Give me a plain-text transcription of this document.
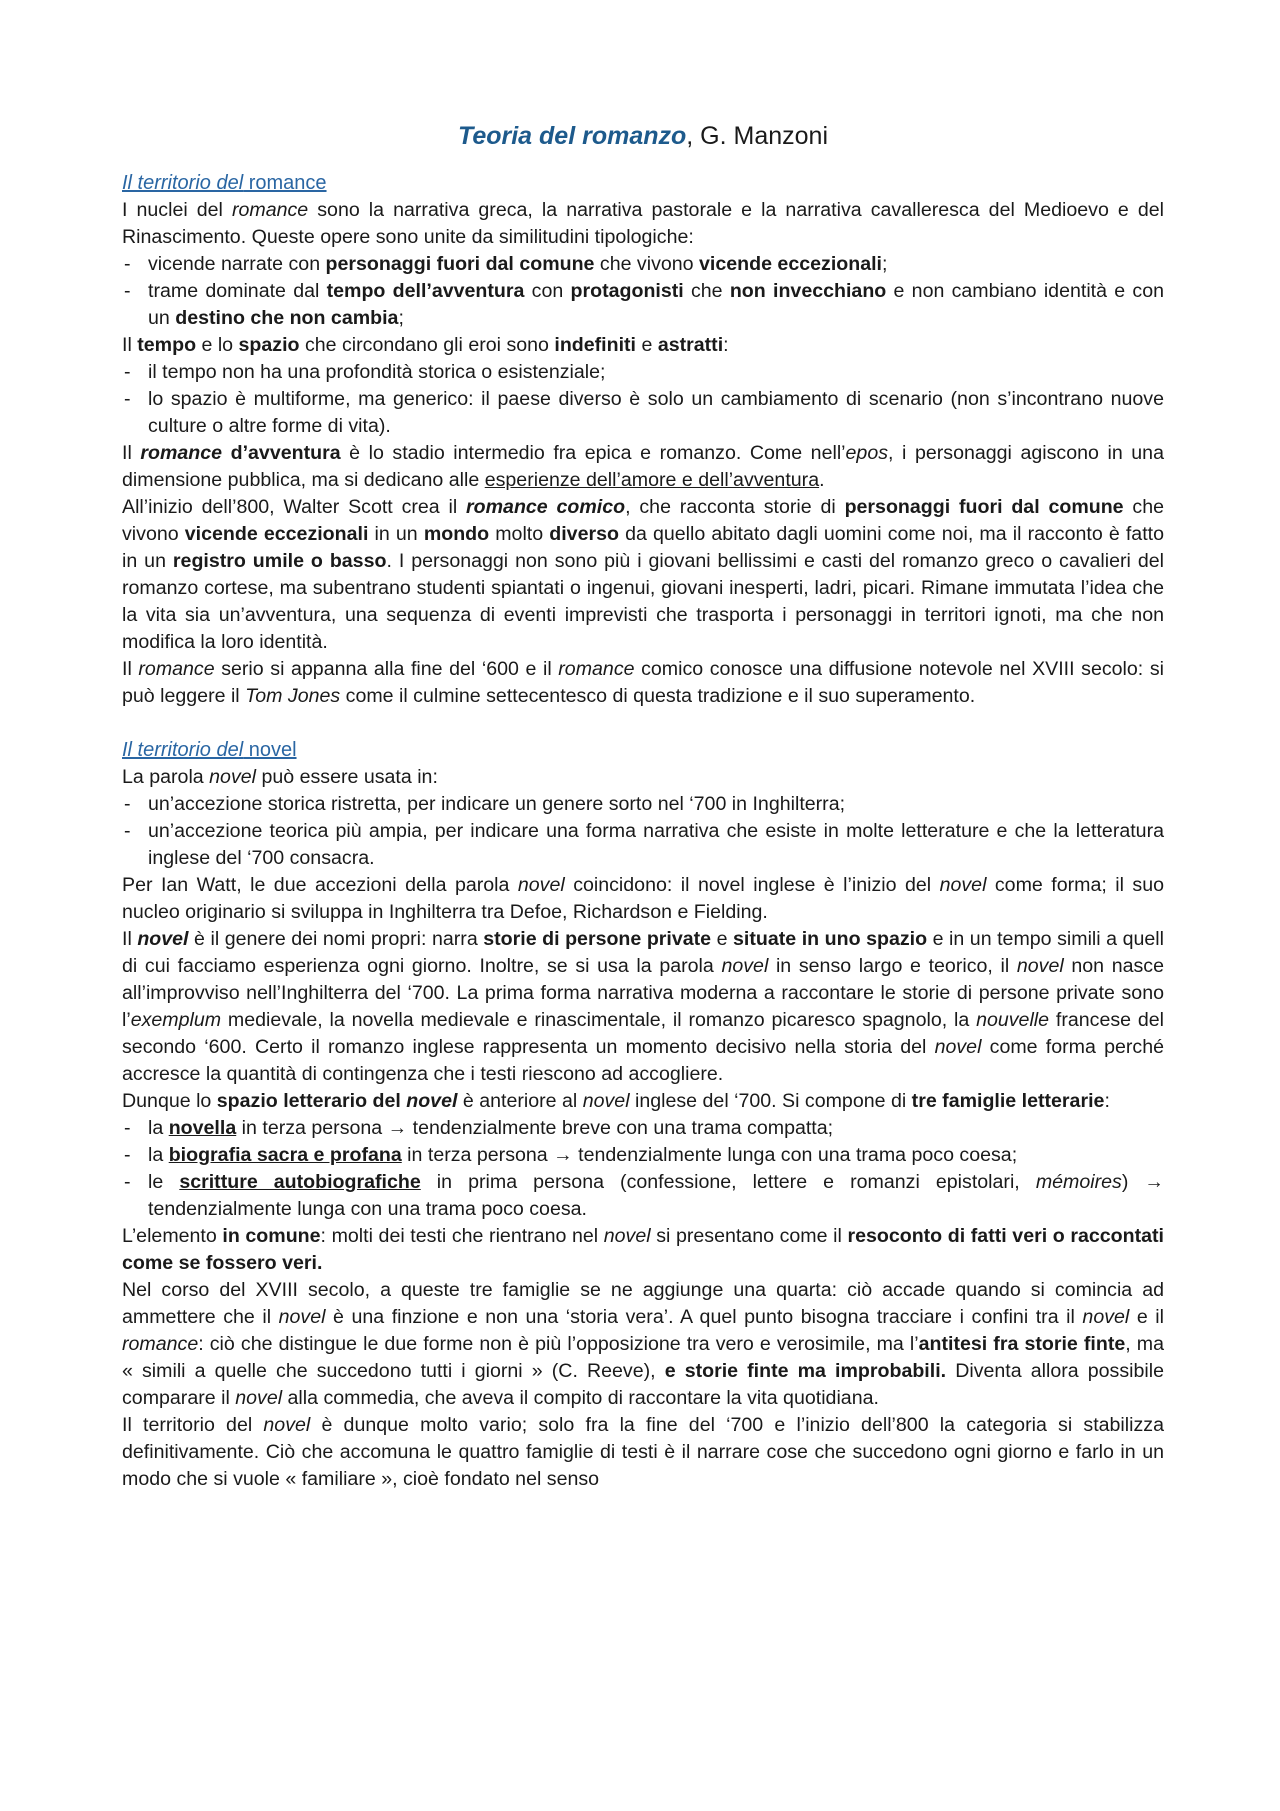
Teoria del romanzo, G. Manzoni
Il territorio del romance

I nuclei del romance sono la narrativa greca, la narrativa pastorale e la narrativa cavalleresca del Medioevo e del Rinascimento. Queste opere sono unite da similitudini tipologiche:

- vicende narrate con personaggi fuori dal comune che vivono vicende eccezionali;
- trame dominate dal tempo dell’avventura con protagonisti che non invecchiano e non cambiano identità e con un destino che non cambia;

Il tempo e lo spazio che circondano gli eroi sono indefiniti e astratti:

- il tempo non ha una profondità storica o esistenziale;
- lo spazio è multiforme, ma generico: il paese diverso è solo un cambiamento di scenario (non s’incontrano nuove culture o altre forme di vita).

Il romance d’avventura è lo stadio intermedio fra epica e romanzo. Come nell’epos, i personaggi agiscono in una dimensione pubblica, ma si dedicano alle esperienze dell’amore e dell’avventura.

All’inizio dell’800, Walter Scott crea il romance comico, che racconta storie di personaggi fuori dal comune che vivono vicende eccezionali in un mondo molto diverso da quello abitato dagli uomini come noi, ma il racconto è fatto in un registro umile o basso. I personaggi non sono più i giovani bellissimi e casti del romanzo greco o cavalieri del romanzo cortese, ma subentrano studenti spiantati o ingenui, giovani inesperti, ladri, picari. Rimane immutata l’idea che la vita sia un’avventura, una sequenza di eventi imprevisti che trasporta i personaggi in territori ignoti, ma che non modifica la loro identità.

Il romance serio si appanna alla fine del ‘600 e il romance comico conosce una diffusione notevole nel XVIII secolo: si può leggere il Tom Jones come il culmine settecentesco di questa tradizione e il suo superamento.

Il territorio del novel

La parola novel può essere usata in:

- un’accezione storica ristretta, per indicare un genere sorto nel ‘700 in Inghilterra;
- un’accezione teorica più ampia, per indicare una forma narrativa che esiste in molte letterature e che la letteratura inglese del ‘700 consacra.

Per Ian Watt, le due accezioni della parola novel coincidono: il novel inglese è l’inizio del novel come forma; il suo nucleo originario si sviluppa in Inghilterra tra Defoe, Richardson e Fielding.

Il novel è il genere dei nomi propri: narra storie di persone private e situate in uno spazio e in un tempo simili a quell di cui facciamo esperienza ogni giorno. Inoltre, se si usa la parola novel in senso largo e teorico, il novel non nasce all’improvviso nell’Inghilterra del ‘700. La prima forma narrativa moderna a raccontare le storie di persone private sono l’exemplum medievale, la novella medievale e rinascimentale, il romanzo picaresco spagnolo, la nouvelle francese del secondo ‘600. Certo il romanzo inglese rappresenta un momento decisivo nella storia del novel come forma perché accresce la quantità di contingenza che i testi riescono ad accogliere.

Dunque lo spazio letterario del novel è anteriore al novel inglese del ‘700. Si compone di tre famiglie letterarie:

- la novella in terza persona → tendenzialmente breve con una trama compatta;
- la biografia sacra e profana in terza persona → tendenzialmente lunga con una trama poco coesa;
- le scritture autobiografiche in prima persona (confessione, lettere e romanzi epistolari, mémoires) → tendenzialmente lunga con una trama poco coesa.

L’elemento in comune: molti dei testi che rientrano nel novel si presentano come il resoconto di fatti veri o raccontati come se fossero veri.

Nel corso del XVIII secolo, a queste tre famiglie se ne aggiunge una quarta: ciò accade quando si comincia ad ammettere che il novel è una finzione e non una ‘storia vera’. A quel punto bisogna tracciare i confini tra il novel e il romance: ciò che distingue le due forme non è più l’opposizione tra vero e verosimile, ma l’antitesi fra storie finte, ma « simili a quelle che succedono tutti i giorni » (C. Reeve), e storie finte ma improbabili. Diventa allora possibile comparare il novel alla commedia, che aveva il compito di raccontare la vita quotidiana.

Il territorio del novel è dunque molto vario; solo fra la fine del ‘700 e l’inizio dell’800 la categoria si stabilizza definitivamente. Ciò che accomuna le quattro famiglie di testi è il narrare cose che succedono ogni giorno e farlo in un modo che si vuole « familiare », cioè fondato nel senso
